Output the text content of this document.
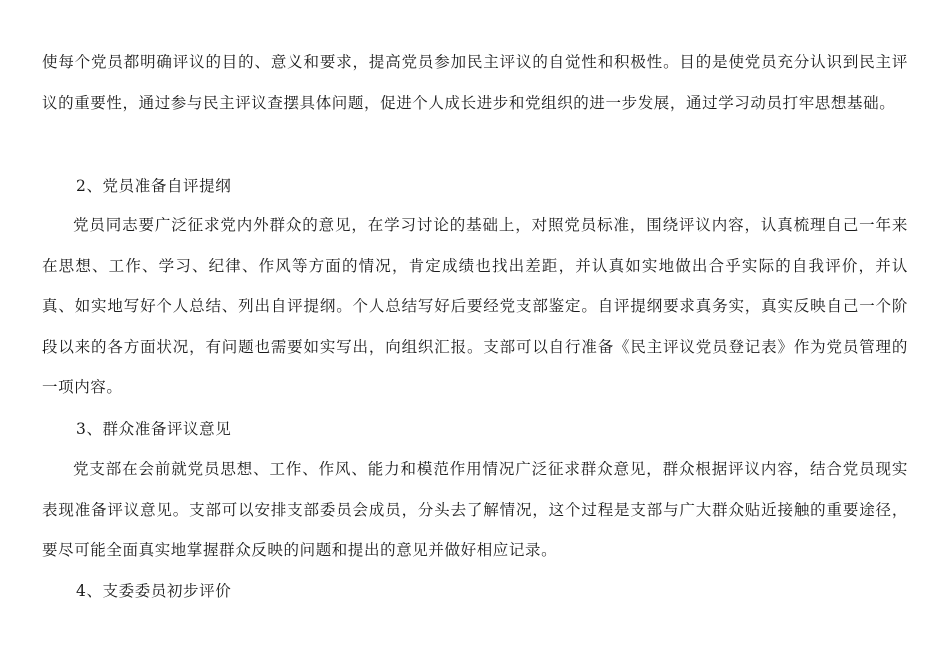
使每个党员都明确评议的目的、意义和要求，提高党员参加民主评议的自觉性和积极性。目的是使党员充分认识到民主评议的重要性，通过参与民主评议查摆具体问题，促进个人成长进步和党组织的进一步发展，通过学习动员打牢思想基础。

2、党员准备自评提纲

党员同志要广泛征求党内外群众的意见，在学习讨论的基础上，对照党员标准，围绕评议内容，认真梳理自己一年来在思想、工作、学习、纪律、作风等方面的情况，肯定成绩也找出差距，并认真如实地做出合乎实际的自我评价，并认真、如实地写好个人总结、列出自评提纲。个人总结写好后要经党支部鉴定。自评提纲要求真务实，真实反映自己一个阶段以来的各方面状况，有问题也需要如实写出，向组织汇报。支部可以自行准备《民主评议党员登记表》作为党员管理的一项内容。

3、群众准备评议意见

党支部在会前就党员思想、工作、作风、能力和模范作用情况广泛征求群众意见，群众根据评议内容，结合党员现实表现准备评议意见。支部可以安排支部委员会成员，分头去了解情况，这个过程是支部与广大群众贴近接触的重要途径，要尽可能全面真实地掌握群众反映的问题和提出的意见并做好相应记录。

4、支委委员初步评价
